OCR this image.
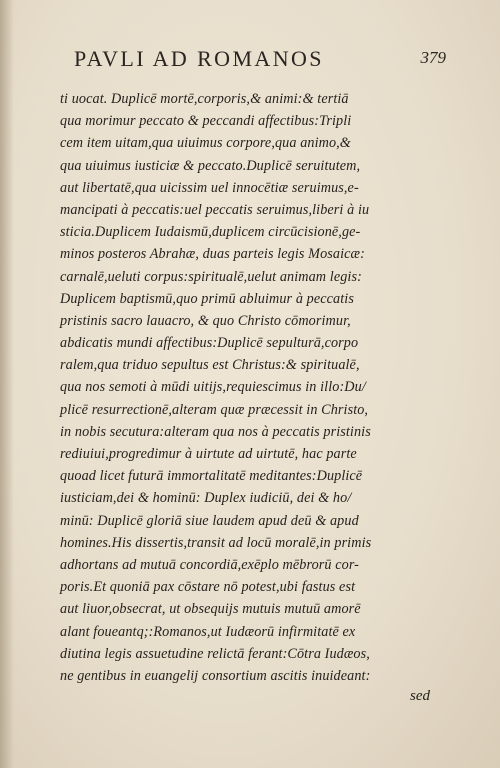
PAVLI AD ROMANOS	379
ti uocat. Duplicē mortē,corporis,& animi:& tertiā
qua morimur peccato & peccandi affectibus:Tripli
cem item uitam,qua uiuimus corpore,qua animo,&
qua uiuimus iusticiæ & peccato.Duplicē seruitutem,
aut libertatē,qua uicissim uel innocētiæ seruimus,e-
mancipati à peccatis:uel peccatis seruimus,liberi à iu
sticia.Duplicem Iudaismū,duplicem circūcisionē,ge-
minos posteros Abrahæ, duas parteis legis Mosaicæ:
carnalē,ueluti corpus:spiritualē,uelut animam legis:
Duplicem baptismū,quo primū abluimur à peccatis
pristinis sacro lauacro, & quo Christo cōmorimur,
abdicatis mundi affectibus:Duplicē sepulturā,corpo
ralem,qua triduo sepultus est Christus:& spiritualē,
qua nos semoti à mūdi uitijs,requiescimus in illo:Du/
plicē resurrectionē,alteram quæ præcessit in Christo,
in nobis secutura:alteram qua nos à peccatis pristinis
rediuiui,progredimur à uirtute ad uirtutē, hac parte
quoad licet futurā immortalitatē meditantes:Duplicē
iusticiam,dei & hominū: Duplex iudiciū, dei & ho/
minū: Duplicē gloriā siue laudem apud deū & apud
homines.His dissertis,transit ad locū moralē,in primis
adhortans ad mutuā concordiā,exēplo mēbrorū cor-
poris.Et quoniā pax cōstare nō potest,ubi fastus est
aut liuor,obsecrat, ut obsequijs mutuis mutuū amorē
alant foueantq;:Romanos,ut Iudæorū infirmitatē ex
diutina legis assuetudine relictā ferant:Cōtra Iudæos,
ne gentibus in euangelij consortium ascitis inuideant:
sed
